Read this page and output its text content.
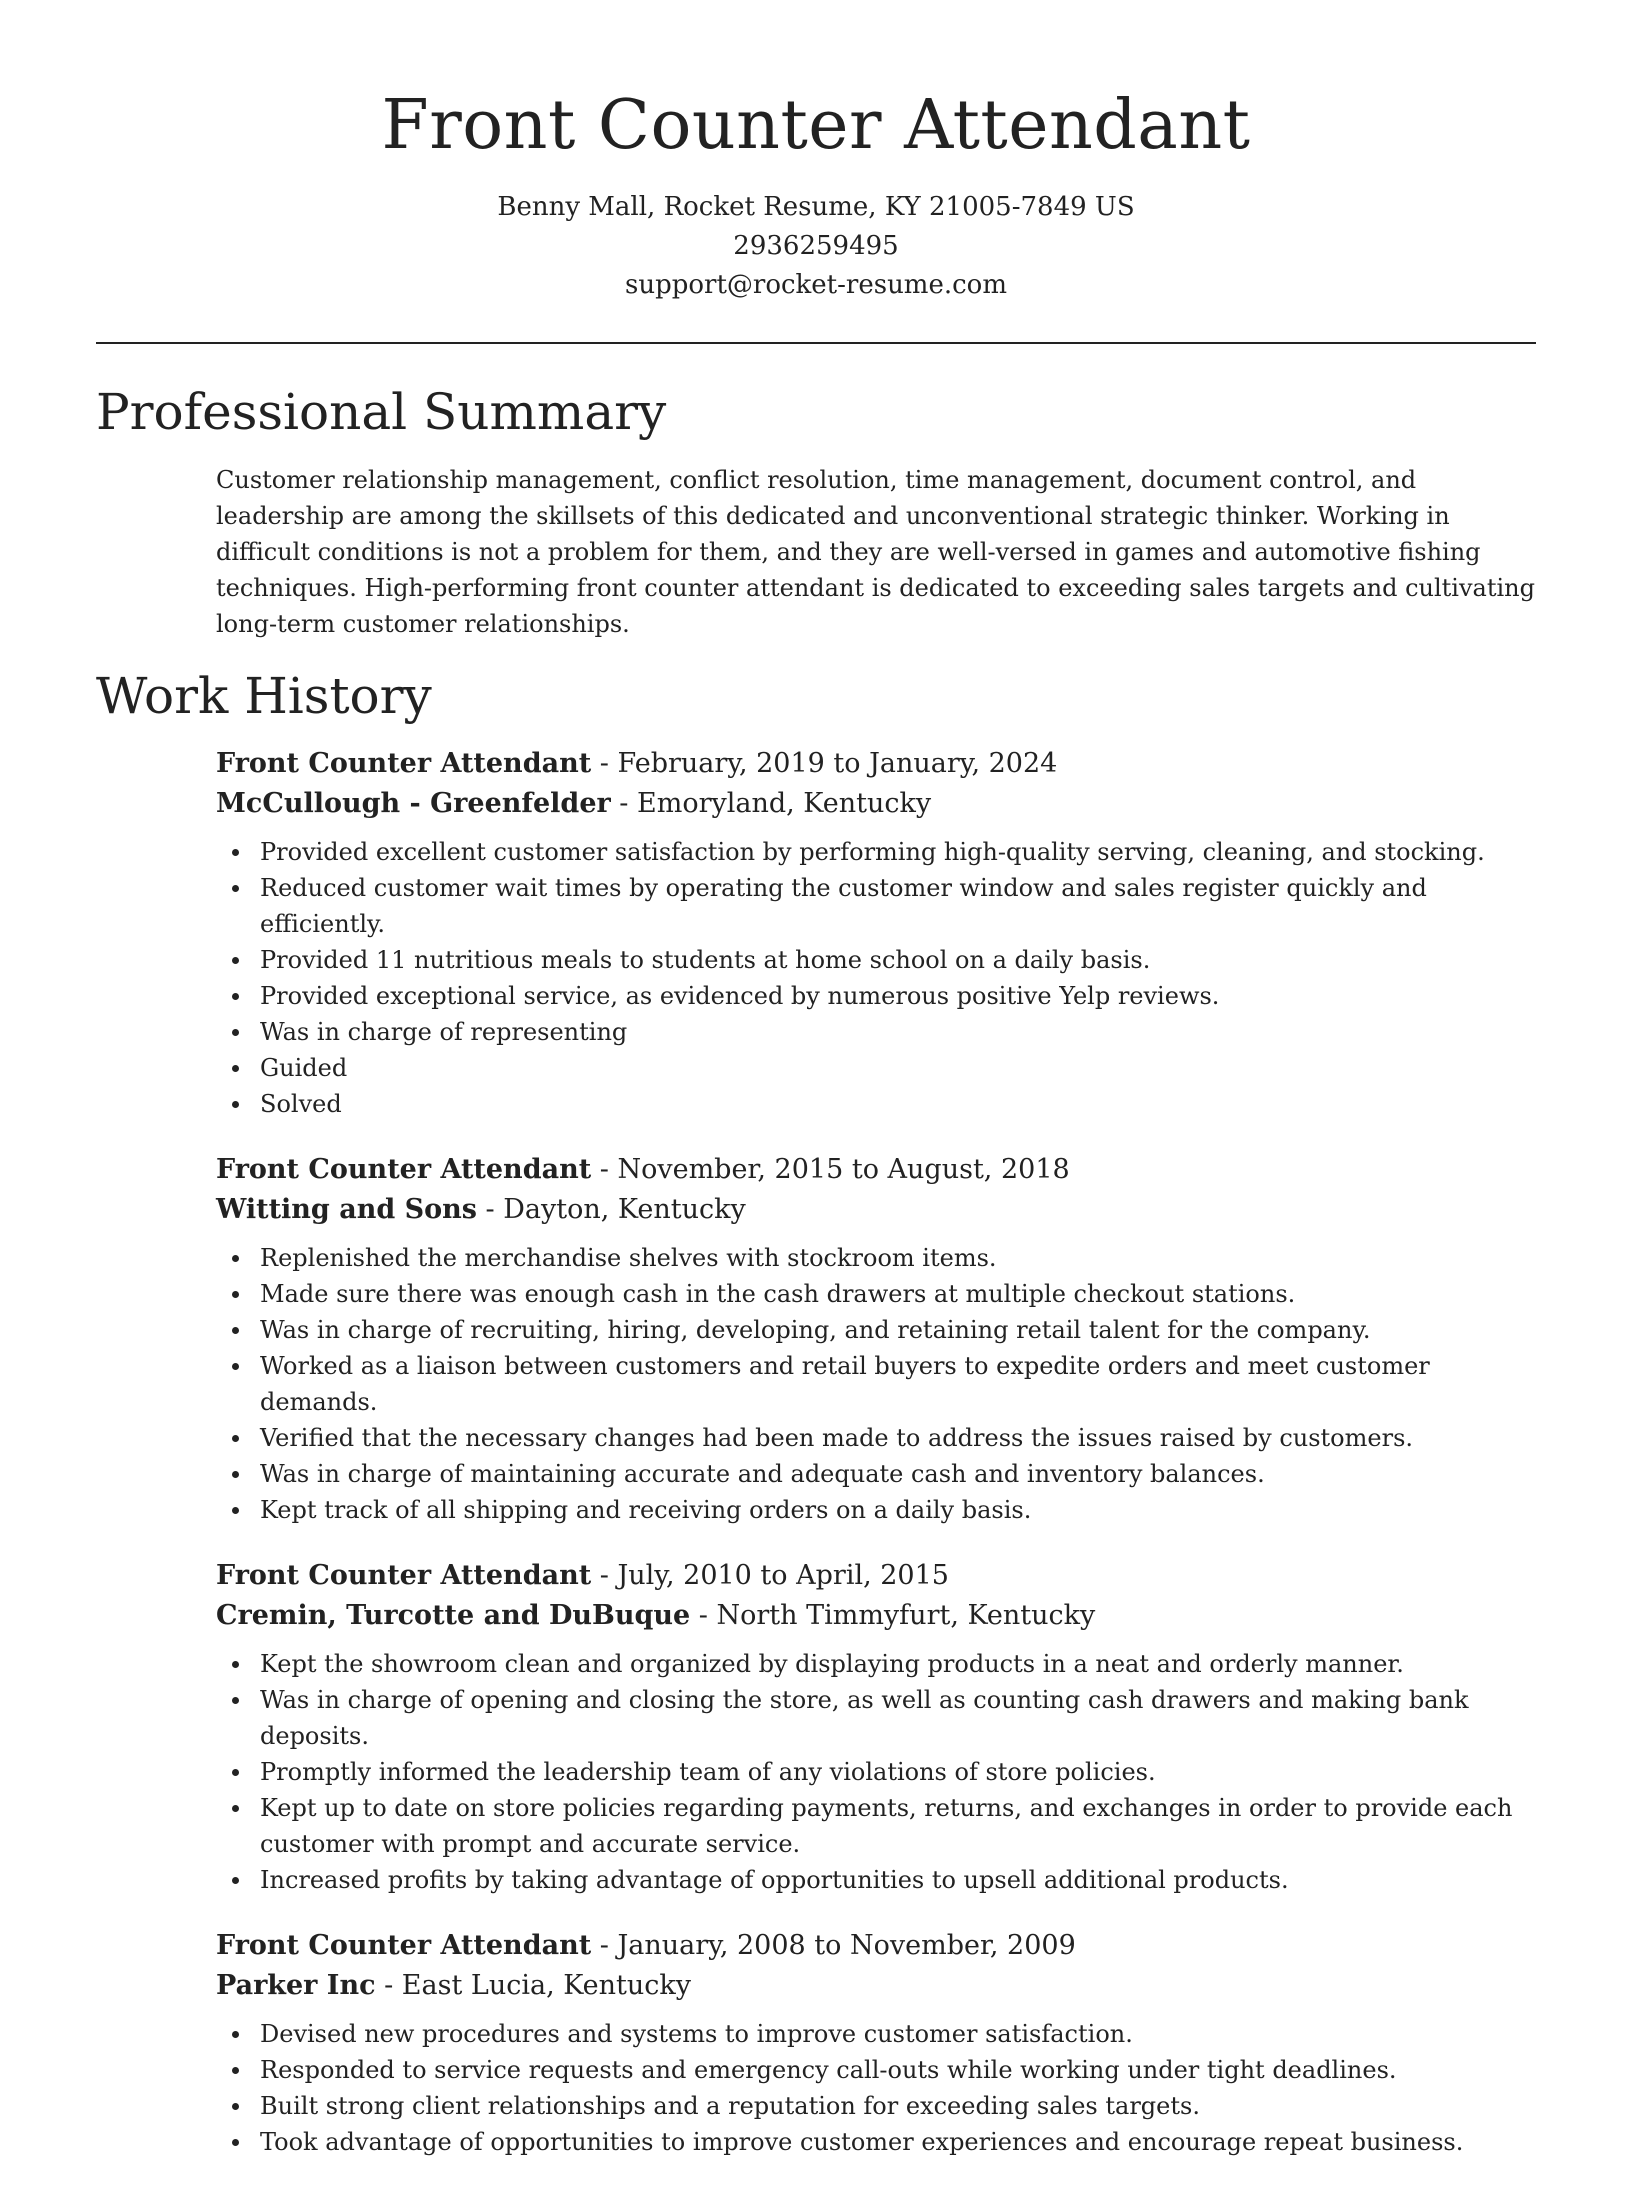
Front Counter Attendant
Benny Mall, Rocket Resume, KY 21005-7849 US
2936259495
support@rocket-resume.com
Professional Summary

Customer relationship management, conflict resolution, time management, document control, and leadership are among the skillsets of this dedicated and unconventional strategic thinker. Working in difficult conditions is not a problem for them, and they are well-versed in games and automotive fishing techniques. High-performing front counter attendant is dedicated to exceeding sales targets and cultivating long-term customer relationships.

Work History
Front Counter Attendant - February, 2019 to January, 2024
McCullough - Greenfelder - Emoryland, Kentucky
Provided excellent customer satisfaction by performing high-quality serving, cleaning, and stocking.
Reduced customer wait times by operating the customer window and sales register quickly and efficiently.
Provided 11 nutritious meals to students at home school on a daily basis.
Provided exceptional service, as evidenced by numerous positive Yelp reviews.
Was in charge of representing
Guided
Solved
Front Counter Attendant - November, 2015 to August, 2018
Witting and Sons - Dayton, Kentucky
Replenished the merchandise shelves with stockroom items.
Made sure there was enough cash in the cash drawers at multiple checkout stations.
Was in charge of recruiting, hiring, developing, and retaining retail talent for the company.
Worked as a liaison between customers and retail buyers to expedite orders and meet customer demands.
Verified that the necessary changes had been made to address the issues raised by customers.
Was in charge of maintaining accurate and adequate cash and inventory balances.
Kept track of all shipping and receiving orders on a daily basis.
Front Counter Attendant - July, 2010 to April, 2015
Cremin, Turcotte and DuBuque - North Timmyfurt, Kentucky
Kept the showroom clean and organized by displaying products in a neat and orderly manner.
Was in charge of opening and closing the store, as well as counting cash drawers and making bank deposits.
Promptly informed the leadership team of any violations of store policies.
Kept up to date on store policies regarding payments, returns, and exchanges in order to provide each customer with prompt and accurate service.
Increased profits by taking advantage of opportunities to upsell additional products.
Front Counter Attendant - January, 2008 to November, 2009
Parker Inc - East Lucia, Kentucky
Devised new procedures and systems to improve customer satisfaction.
Responded to service requests and emergency call-outs while working under tight deadlines.
Built strong client relationships and a reputation for exceeding sales targets.
Took advantage of opportunities to improve customer experiences and encourage repeat business.
